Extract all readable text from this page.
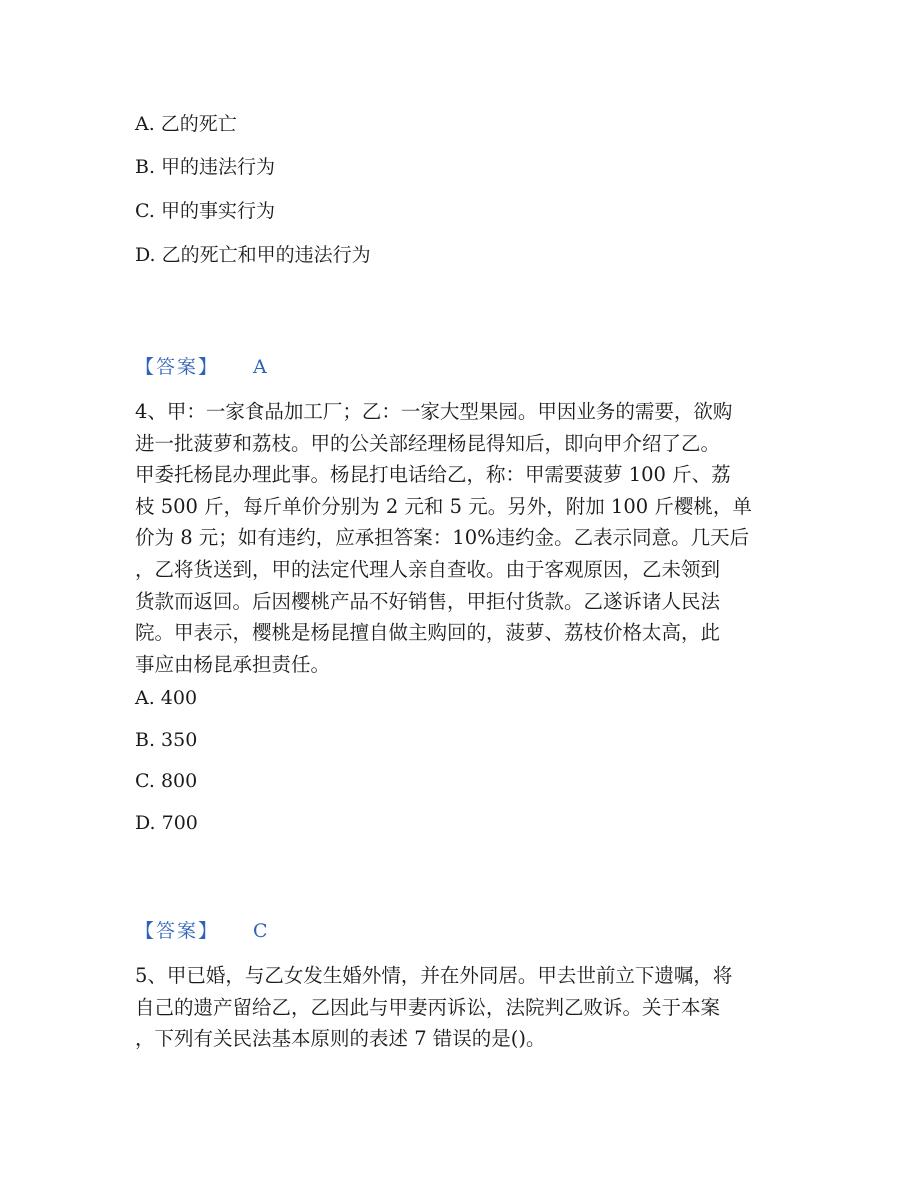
A. 乙的死亡
B. 甲的违法行为
C. 甲的事实行为
D. 乙的死亡和甲的违法行为
【答案】 A

4、甲：一家食品加工厂；乙：一家大型果园。甲因业务的需要，欲购

进一批菠萝和荔枝。甲的公关部经理杨昆得知后，即向甲介绍了乙。

甲委托杨昆办理此事。杨昆打电话给乙，称：甲需要菠萝 100 斤、荔

枝 500 斤，每斤单价分别为 2 元和 5 元。另外，附加 100 斤樱桃，单

价为 8 元；如有违约，应承担答案：10%违约金。乙表示同意。几天后

，乙将货送到，甲的法定代理人亲自查收。由于客观原因，乙未领到

货款而返回。后因樱桃产品不好销售，甲拒付货款。乙遂诉诸人民法

院。甲表示，樱桃是杨昆擅自做主购回的，菠萝、荔枝价格太高，此

事应由杨昆承担责任。

A. 400
B. 350
C. 800
D. 700
【答案】 C

5、甲已婚，与乙女发生婚外情，并在外同居。甲去世前立下遗嘱，将

自己的遗产留给乙，乙因此与甲妻丙诉讼，法院判乙败诉。关于本案

，下列有关民法基本原则的表述 7 错误的是()。
